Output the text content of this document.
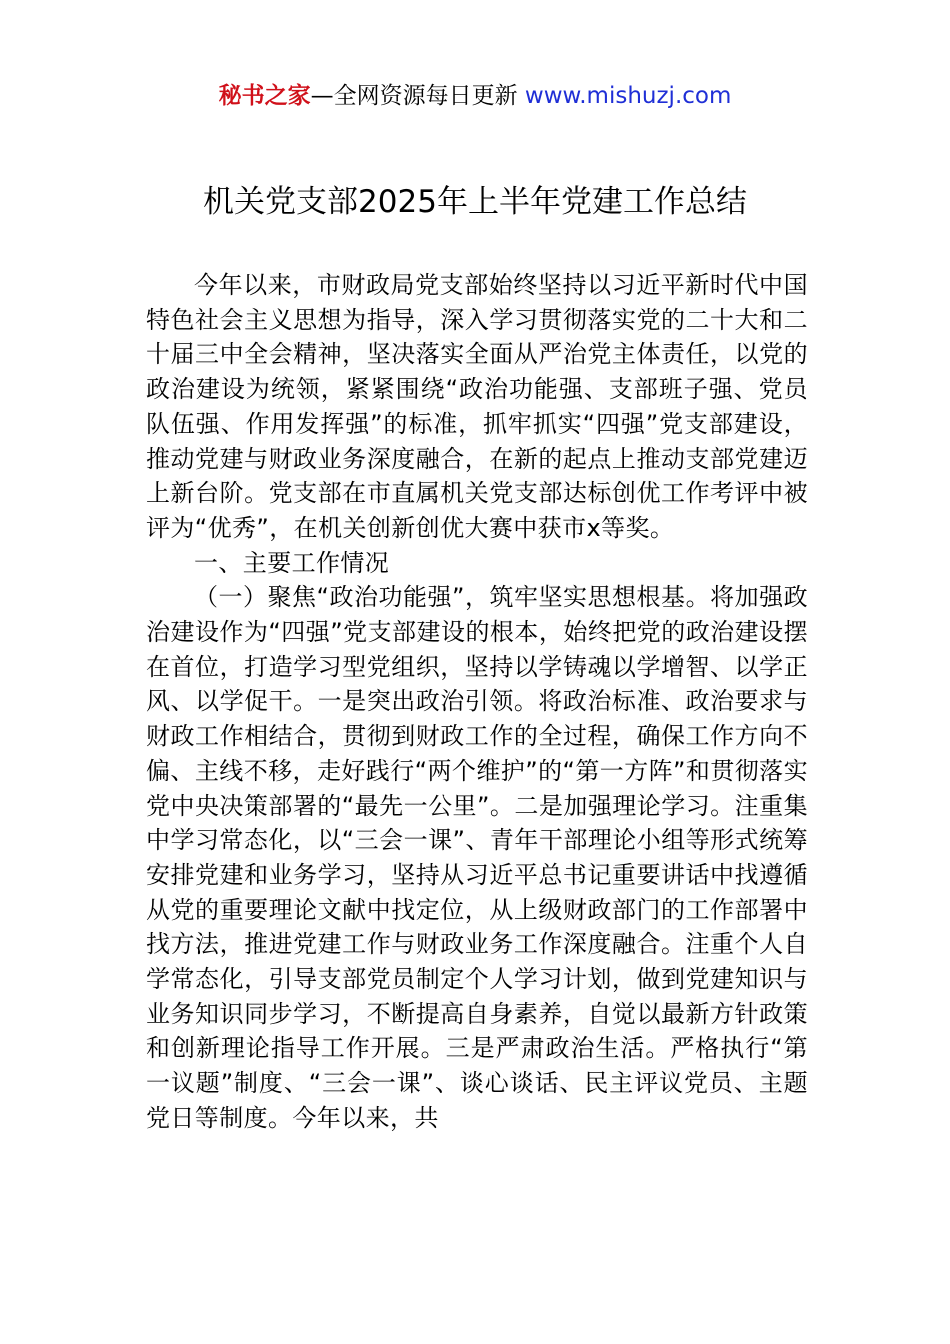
秘书之家—全网资源每日更新 www.mishuzj.com
机关党支部2025年上半年党建工作总结

今年以来，市财政局党支部始终坚持以习近平新时代中国特色社会主义思想为指导，深入学习贯彻落实党的二十大和二十届三中全会精神，坚决落实全面从严治党主体责任，以党的政治建设为统领，紧紧围绕“政治功能强、支部班子强、党员队伍强、作用发挥强”的标准，抓牢抓实“四强”党支部建设，推动党建与财政业务深度融合，在新的起点上推动支部党建迈上新台阶。党支部在市直属机关党支部达标创优工作考评中被评为“优秀”，在机关创新创优大赛中获市x等奖。

一、主要工作情况

（一）聚焦“政治功能强”，筑牢坚实思想根基。将加强政治建设作为“四强”党支部建设的根本，始终把党的政治建设摆在首位，打造学习型党组织，坚持以学铸魂以学增智、以学正风、以学促干。一是突出政治引领。将政治标准、政治要求与财政工作相结合，贯彻到财政工作的全过程，确保工作方向不偏、主线不移，走好践行“两个维护”的“第一方阵”和贯彻落实党中央决策部署的“最先一公里”。二是加强理论学习。注重集中学习常态化，以“三会一课”、青年干部理论小组等形式统筹安排党建和业务学习，坚持从习近平总书记重要讲话中找遵循从党的重要理论文献中找定位，从上级财政部门的工作部署中找方法，推进党建工作与财政业务工作深度融合。注重个人自学常态化，引导支部党员制定个人学习计划，做到党建知识与业务知识同步学习，不断提高自身素养，自觉以最新方针政策和创新理论指导工作开展。三是严肃政治生活。严格执行“第一议题”制度、“三会一课”、谈心谈话、民主评议党员、主题党日等制度。今年以来，共
